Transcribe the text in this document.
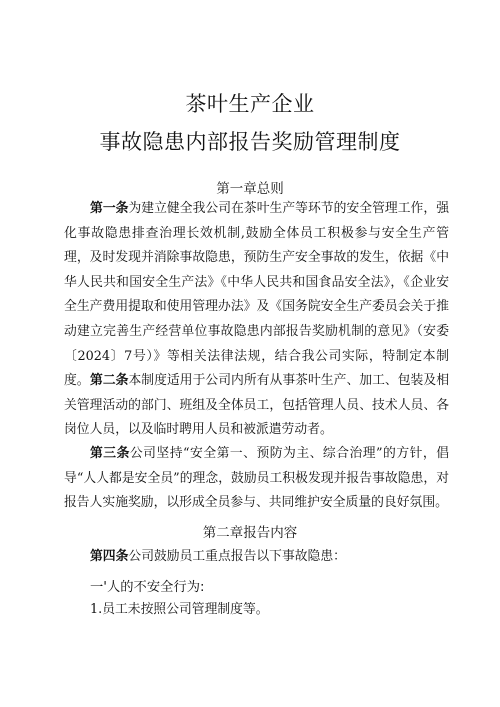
茶叶生产企业
事故隐患内部报告奖励管理制度
第一章总则
第一条为建立健全我公司在茶叶生产等环节的安全管理工作，强化事故隐患排查治理长效机制,鼓励全体员工积极参与安全生产管理，及时发现并消除事故隐患，预防生产安全事故的发生，依据《中华人民共和国安全生产法》《中华人民共和国食品安全法》，《企业安全生产费用提取和使用管理办法》及《国务院安全生产委员会关于推动建立完善生产经营单位事故隐患内部报告奖励机制的意见》（安委〔2024〕7号）》等相关法律法规，结合我公司实际，特制定本制度。 第二条本制度适用于公司内所有从事茶叶生产、加工、包装及相关管理活动的部门、班组及全体员工，包括管理人员、技术人员、各岗位人员，以及临时聘用人员和被派遣劳动者。
第三条公司坚持“安全第一、预防为主、综合治理”的方针，倡导“人人都是安全员”的理念，鼓励员工积极发现并报告事故隐患，对报告人实施奖励，以形成全员参与、共同维护安全质量的良好氛围。
第二章报告内容
第四条公司鼓励员工重点报告以下事故隐患：
一'人的不安全行为:
1.员工未按照公司管理制度等。
